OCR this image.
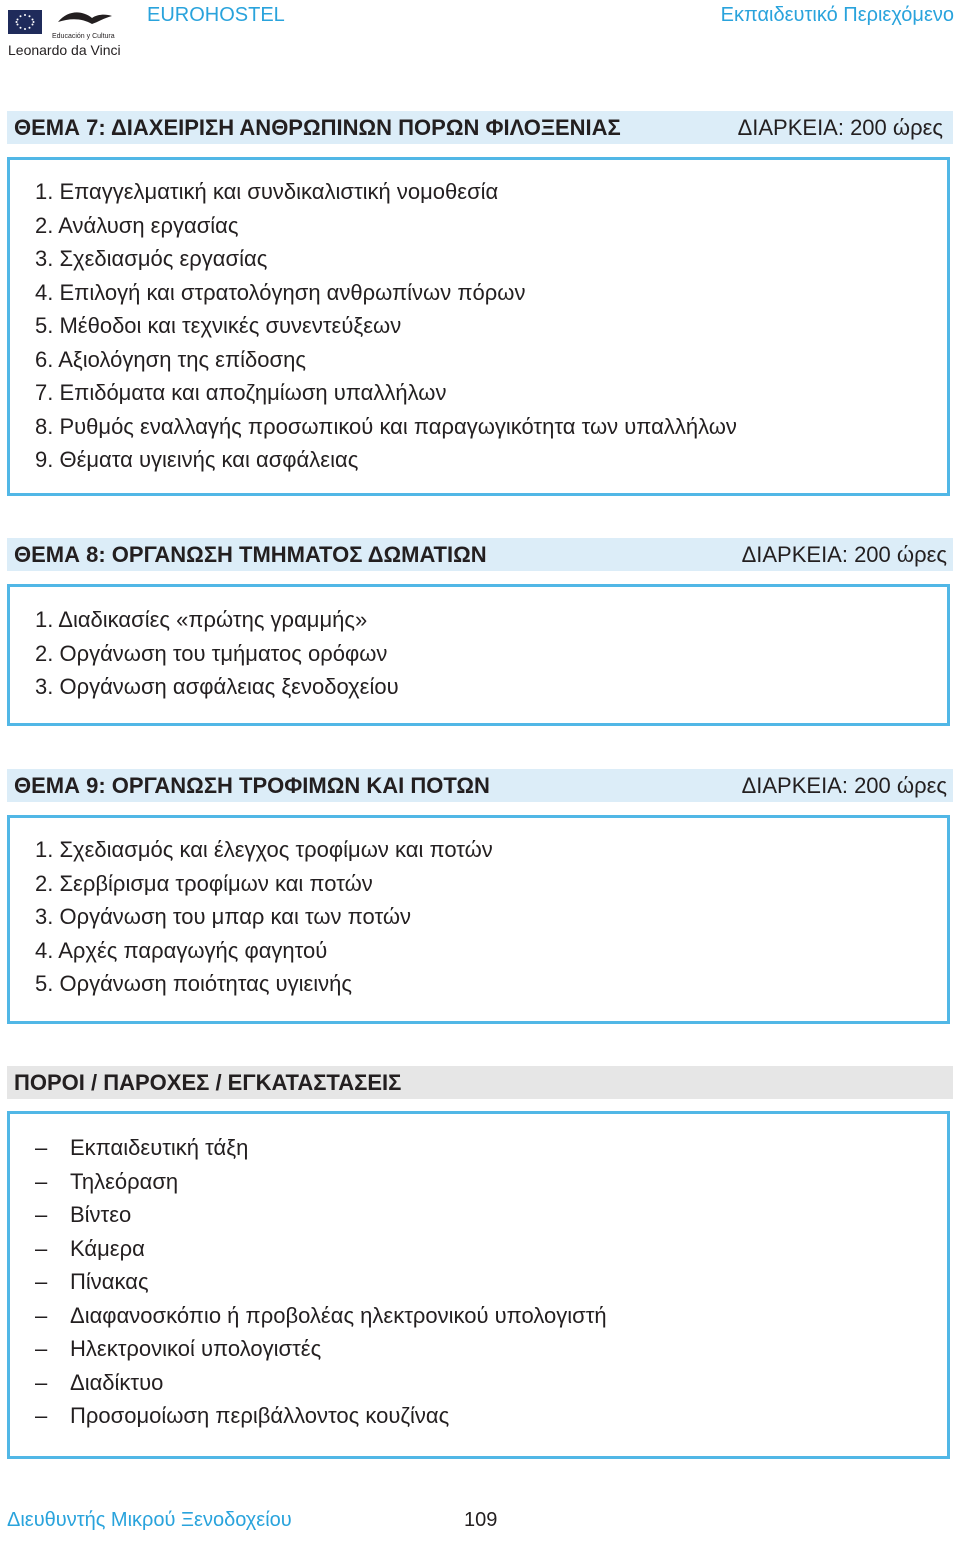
Educación y Cultura
Leonardo da Vinci
EUROHOSTEL	Εκπαιδευτικό Περιεχόμενο
ΘΕΜΑ 7: ΔΙΑΧΕΙΡΙΣΗ ΑΝΘΡΩΠΙΝΩΝ ΠΟΡΩΝ ΦΙΛΟΞΕΝΙΑΣ	ΔΙΑΡΚΕΙΑ: 200 ώρες
1. Επαγγελματική και συνδικαλιστική νομοθεσία
2. Ανάλυση εργασίας
3. Σχεδιασμός εργασίας
4. Επιλογή και στρατολόγηση ανθρωπίνων πόρων
5. Μέθοδοι και τεχνικές συνεντεύξεων
6. Αξιολόγηση της επίδοσης
7. Επιδόματα και αποζημίωση υπαλλήλων
8. Ρυθμός εναλλαγής προσωπικού και παραγωγικότητα των υπαλλήλων
9. Θέματα υγιεινής και ασφάλειας
ΘΕΜΑ 8: ΟΡΓΑΝΩΣΗ ΤΜΗΜΑΤΟΣ ΔΩΜΑΤΙΩΝ	ΔΙΑΡΚΕΙΑ: 200 ώρες
1. Διαδικασίες «πρώτης γραμμής»
2. Οργάνωση του τμήματος ορόφων
3. Οργάνωση ασφάλειας ξενοδοχείου
ΘΕΜΑ 9: ΟΡΓΑΝΩΣΗ ΤΡΟΦΙΜΩΝ ΚΑΙ ΠΟΤΩΝ	ΔΙΑΡΚΕΙΑ: 200 ώρες
1. Σχεδιασμός και έλεγχος τροφίμων και ποτών
2. Σερβίρισμα τροφίμων και ποτών
3. Οργάνωση του μπαρ και των ποτών
4. Αρχές παραγωγής φαγητού
5. Οργάνωση ποιότητας υγιεινής
ΠΟΡΟΙ / ΠΑΡΟΧΕΣ / ΕΓΚΑΤΑΣΤΑΣΕΙΣ
– Εκπαιδευτική τάξη
– Τηλεόραση
– Βίντεο
– Κάμερα
– Πίνακας
– Διαφανοσκόπιο ή προβολέας ηλεκτρονικού υπολογιστή
– Ηλεκτρονικοί υπολογιστές
– Διαδίκτυο
– Προσομοίωση περιβάλλοντος κουζίνας
Διευθυντής Μικρού Ξενοδοχείου	109
